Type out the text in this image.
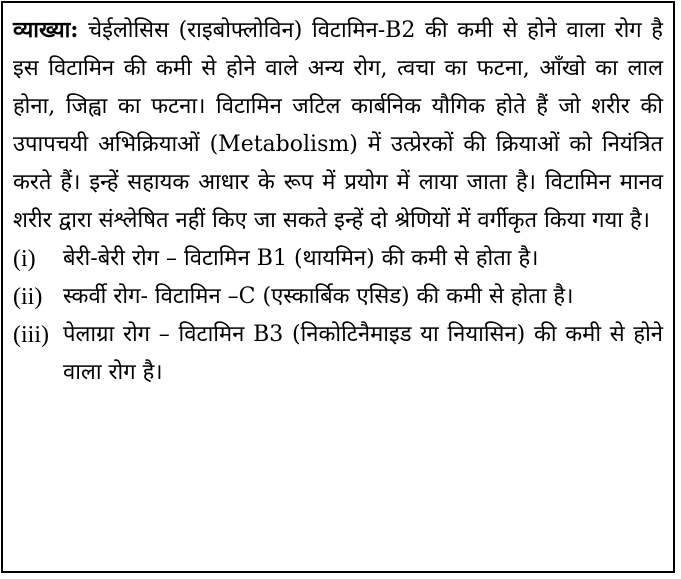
व्याख्या: चेईलोसिस (राइबोफ्लोविन) विटामिन-B2 की कमी से होने वाला रोग है इस विटामिन की कमी से होने वाले अन्य रोग, त्वचा का फटना, आँखो का लाल होना, जिह्वा का फटना। विटामिन जटिल कार्बनिक यौगिक होते हैं जो शरीर की उपापचयी अभिक्रियाओं (Metabolism) में उत्प्रेरकों की क्रियाओं को नियंत्रित करते हैं। इन्हें सहायक आधार के रूप में प्रयोग में लाया जाता है। विटामिन मानव शरीर द्वारा संश्लेषित नहीं किए जा सकते इन्हें दो श्रेणियों में वर्गीकृत किया गया है।
(i)	बेरी-बेरी रोग – विटामिन B1 (थायमिन) की कमी से होता है।
(ii) स्कर्वी रोग- विटामिन –C (एस्कार्बिक एसिड) की कमी से होता है।
(iii) पेलाग्रा रोग – विटामिन B3 (निकोटिनैमाइड या नियासिन) की कमी से होने वाला रोग है।
